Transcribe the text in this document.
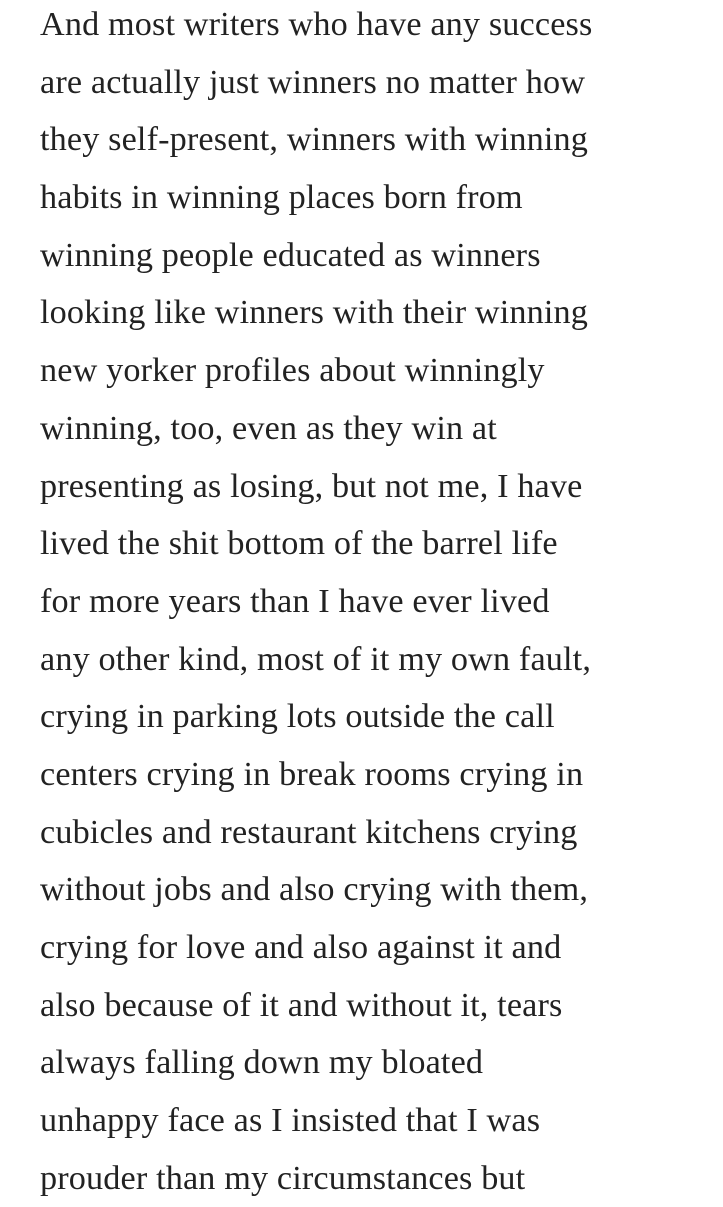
And most writers who have any success
are actually just winners no matter how
they self-present, winners with winning
habits in winning places born from
winning people educated as winners
looking like winners with their winning
new yorker profiles about winningly
winning, too, even as they win at
presenting as losing, but not me, I have
lived the shit bottom of the barrel life
for more years than I have ever lived
any other kind, most of it my own fault,
crying in parking lots outside the call
centers crying in break rooms crying in
cubicles and restaurant kitchens crying
without jobs and also crying with them,
crying for love and also against it and
also because of it and without it, tears
always falling down my bloated
unhappy face as I insisted that I was
prouder than my circumstances but
